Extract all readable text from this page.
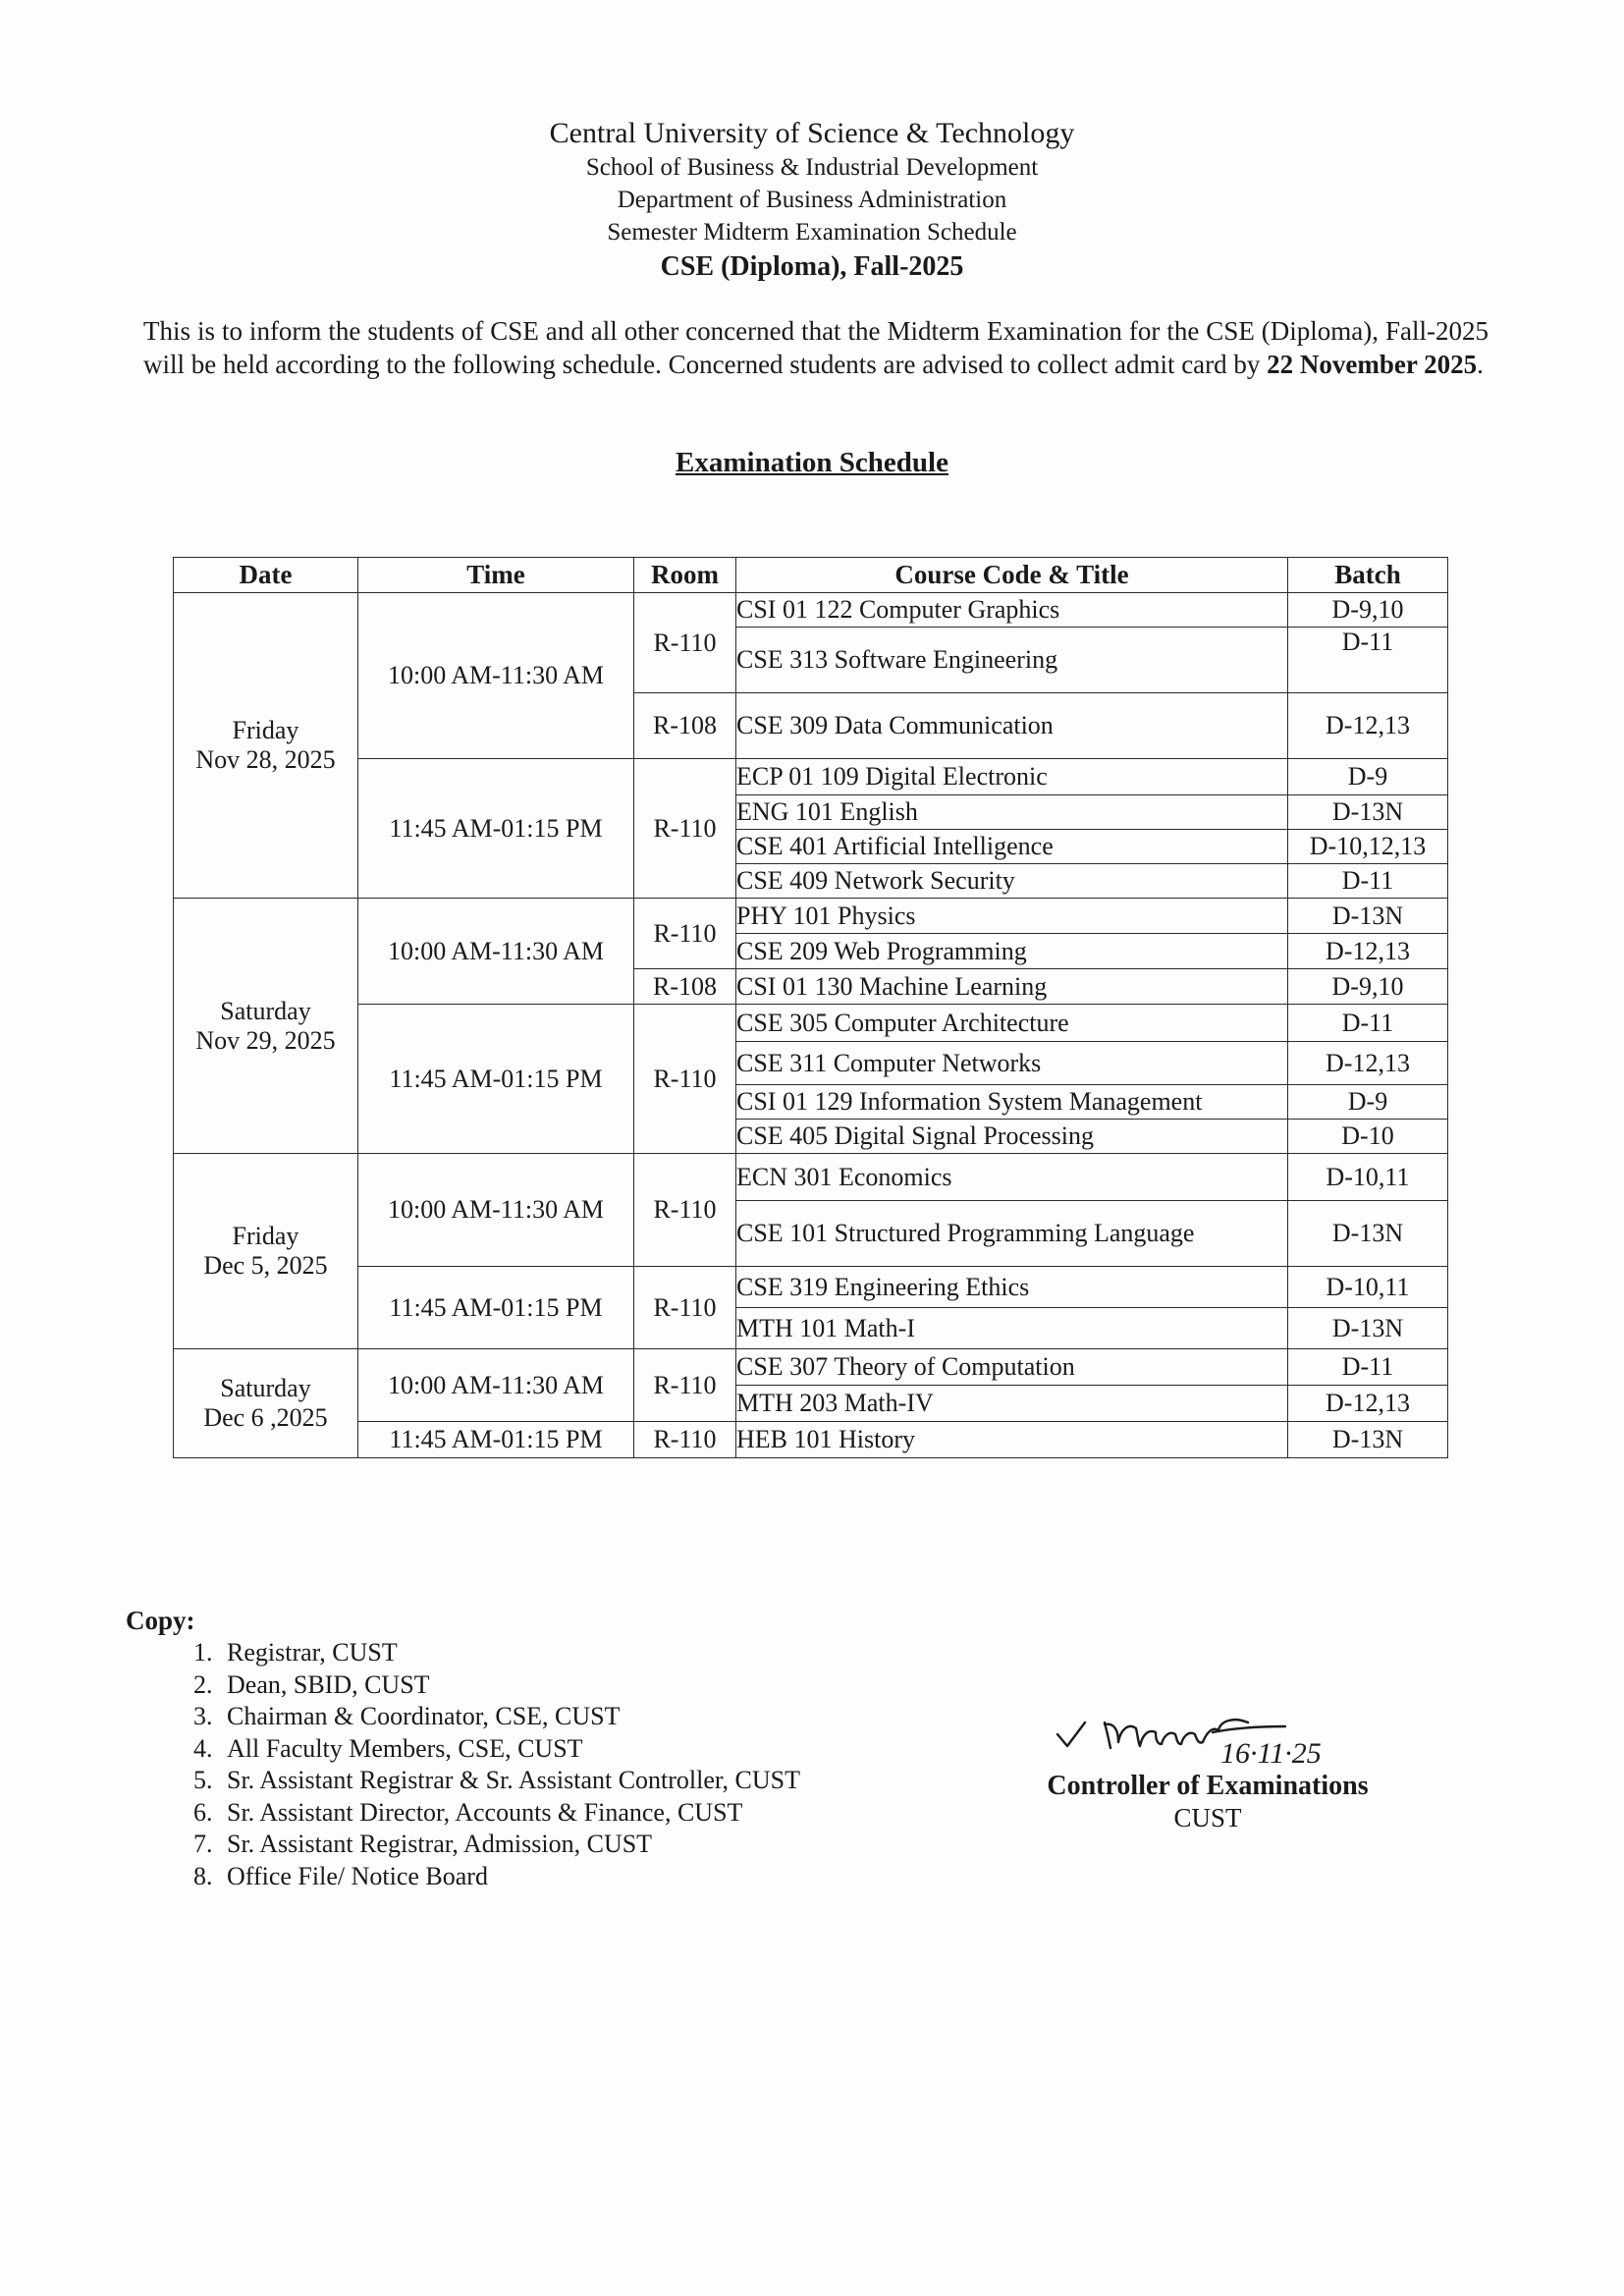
Central University of Science & Technology
School of Business & Industrial Development
Department of Business Administration
Semester Midterm Examination Schedule
CSE (Diploma), Fall-2025
This is to inform the students of CSE and all other concerned that the Midterm Examination for the CSE (Diploma), Fall-2025 will be held according to the following schedule. Concerned students are advised to collect admit card by 22 November 2025.
Examination Schedule
Date	Time	Room	Course Code & Title	Batch

Friday
Nov 28, 2025	10:00 AM-11:30 AM	R-110	CSI 01 122 Computer Graphics	D-9,10
			CSE 313 Software Engineering	D-11
		R-108	CSE 309 Data Communication	D-12,13
	11:45 AM-01:15 PM	R-110	ECP 01 109 Digital Electronic	D-9
			ENG 101 English	D-13N
			CSE 401 Artificial Intelligence	D-10,12,13
			CSE 409 Network Security	D-11

Saturday
Nov 29, 2025	10:00 AM-11:30 AM	R-110	PHY 101 Physics	D-13N
			CSE 209 Web Programming	D-12,13
		R-108	CSI 01 130 Machine Learning	D-9,10
	11:45 AM-01:15 PM	R-110	CSE 305 Computer Architecture	D-11
			CSE 311 Computer Networks	D-12,13
			CSI 01 129 Information System Management	D-9
			CSE 405 Digital Signal Processing	D-10

Friday
Dec 5, 2025	10:00 AM-11:30 AM	R-110	ECN 301 Economics	D-10,11
			CSE 101 Structured Programming Language	D-13N
	11:45 AM-01:15 PM	R-110	CSE 319 Engineering Ethics	D-10,11
			MTH 101 Math-I	D-13N

Saturday
Dec 6 ,2025	10:00 AM-11:30 AM	R-110	CSE 307 Theory of Computation	D-11
			MTH 203 Math-IV	D-12,13
	11:45 AM-01:15 PM	R-110	HEB 101 History	D-13N
Copy:
1. Registrar, CUST
2. Dean, SBID, CUST
3. Chairman & Coordinator, CSE, CUST
4. All Faculty Members, CSE, CUST
5. Sr. Assistant Registrar & Sr. Assistant Controller, CUST
6. Sr. Assistant Director, Accounts & Finance, CUST
7. Sr. Assistant Registrar, Admission, CUST
8. Office File/ Notice Board
16·11·25
Controller of Examinations
CUST
